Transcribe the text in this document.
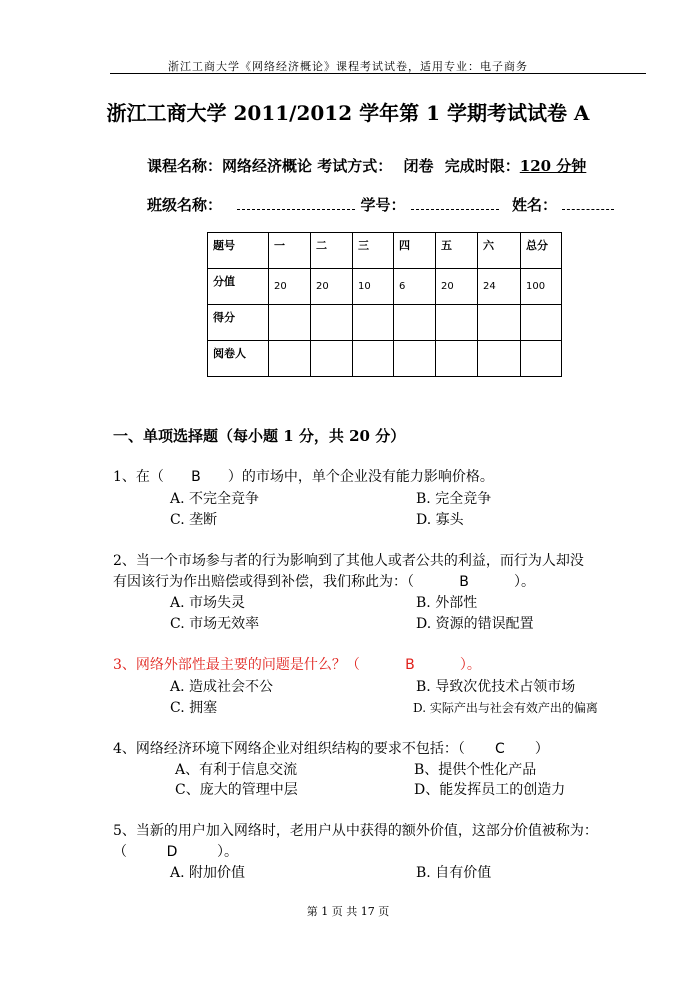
浙江工商大学《网络经济概论》课程考试试卷，适用专业：电子商务
浙江工商大学 2011/2012 学年第 1 学期考试试卷 A
课程名称：网络经济概论 考试方式： 闭卷 完成时限：120 分钟
班级名称：	学号：	姓名：
题号	一	二	三	四	五	六	总分
分值	20	20	10	6	20	24	100
得分							
阅卷人							
一、单项选择题（每小题 1 分，共 20 分）
1、在（ B ）的市场中，单个企业没有能力影响价格。
A. 不完全竞争	B. 完全竞争
C. 垄断	D. 寡头
2、当一个市场参与者的行为影响到了其他人或者公共的利益，而行为人却没
有因该行为作出赔偿或得到补偿，我们称此为：（	B	）。
A. 市场失灵	B. 外部性
C. 市场无效率	D. 资源的错误配置
3、网络外部性最主要的问题是什么？（	B	）。
A. 造成社会不公	B. 导致次优技术占领市场
C. 拥塞	D. 实际产出与社会有效产出的偏离
4、网络经济环境下网络企业对组织结构的要求不包括：（ C ）
A、有利于信息交流	B、提供个性化产品
C、庞大的管理中层	D、能发挥员工的创造力
5、当新的用户加入网络时，老用户从中获得的额外价值，这部分价值被称为：
（	D	）。
A. 附加价值	B. 自有价值
第 1 页 共 17 页
